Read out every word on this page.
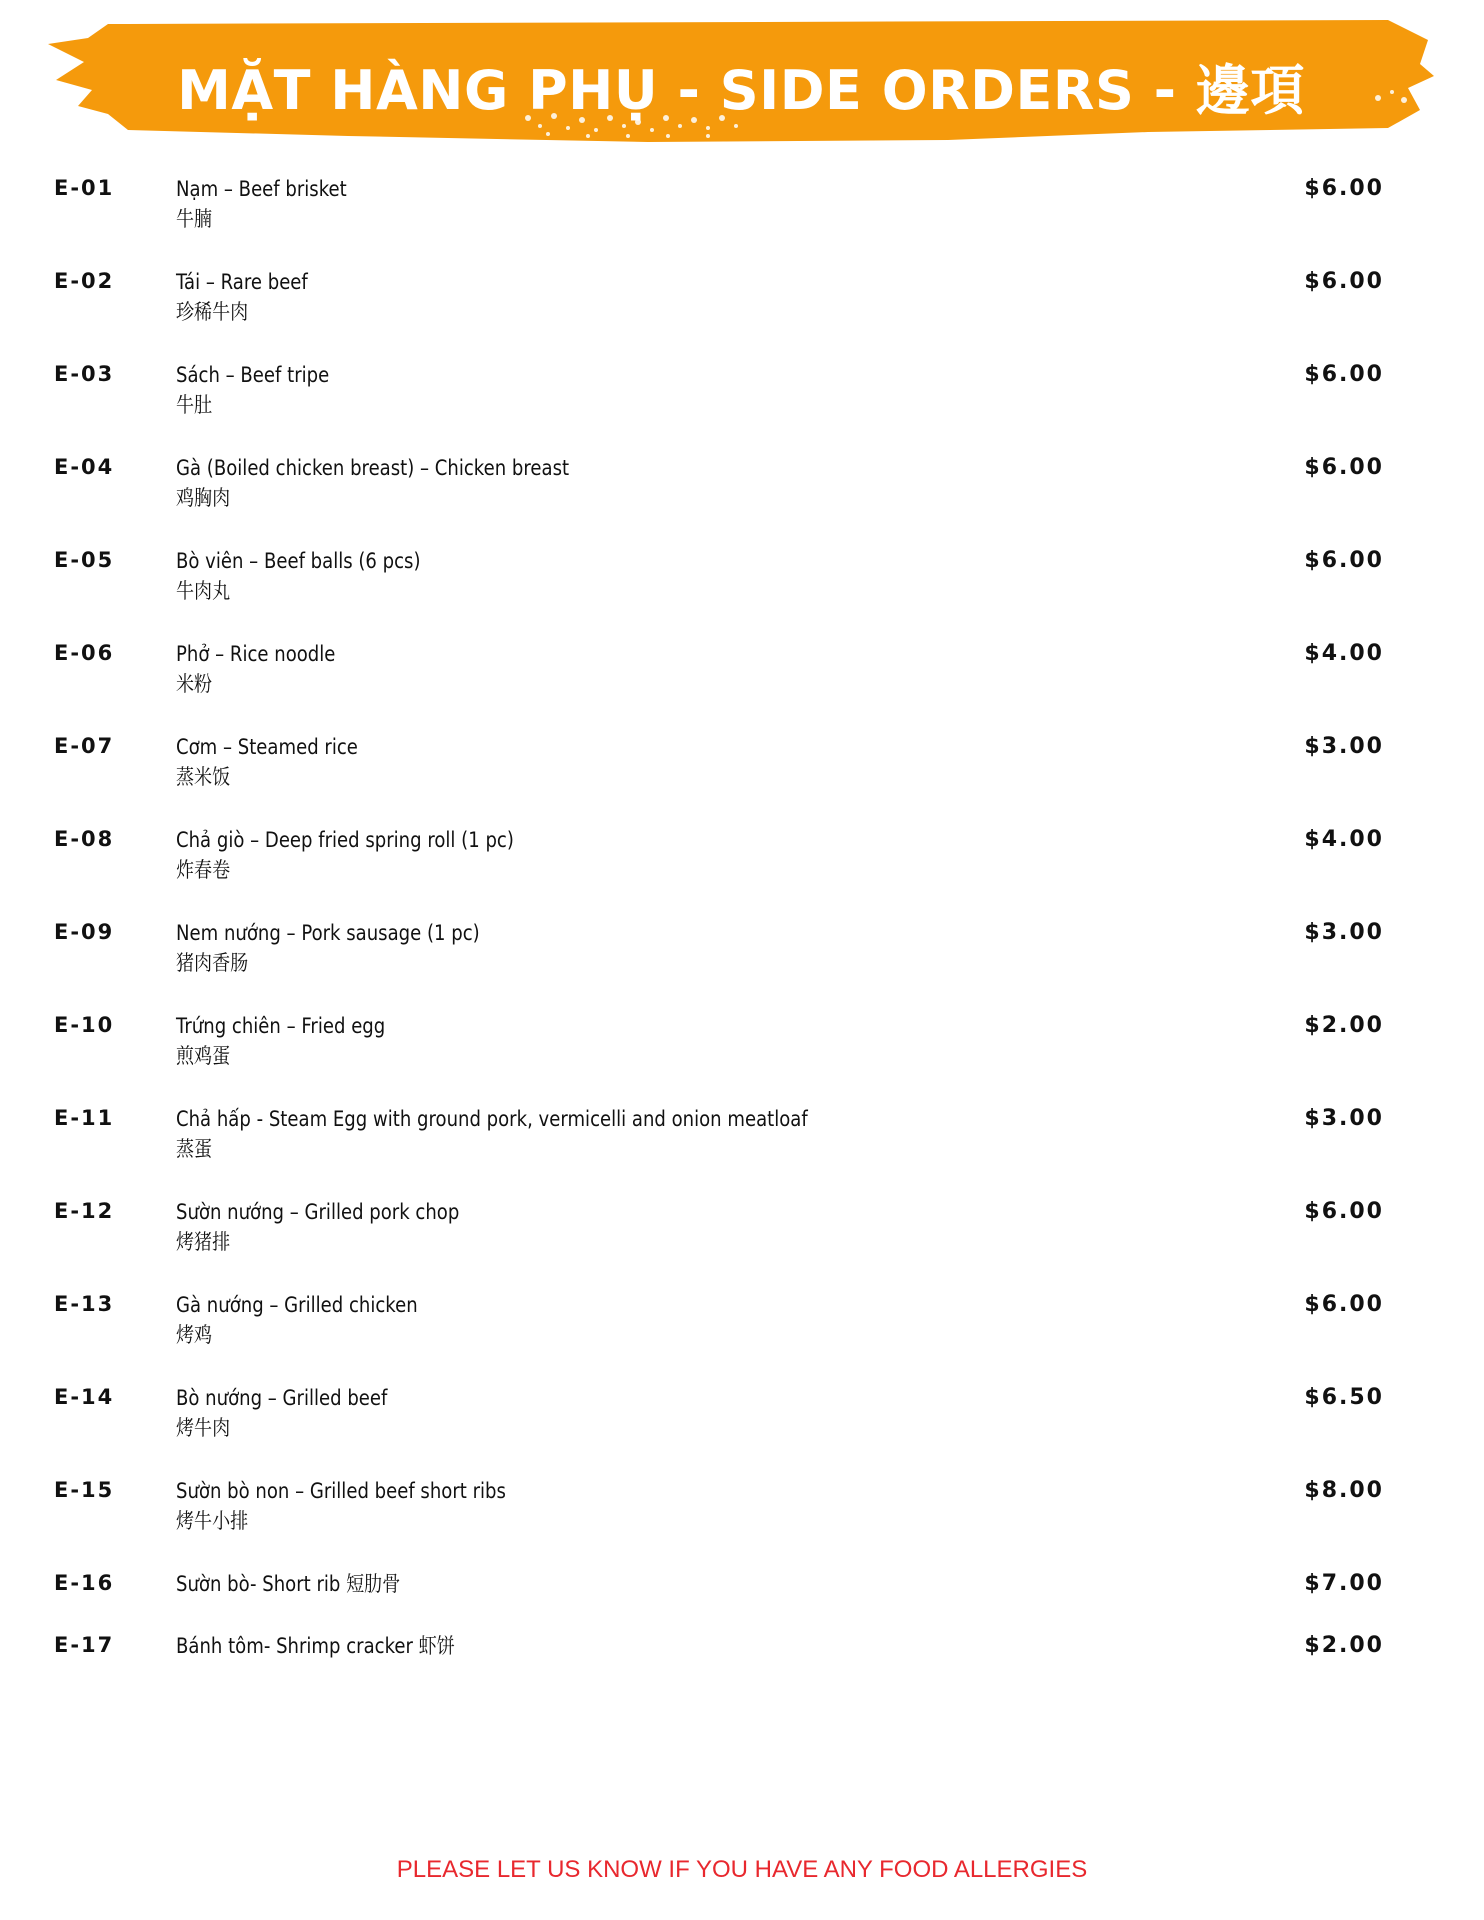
MẶT HÀNG PHỤ - SIDE ORDERS - 邊項
E-01	Nạm – Beef brisket
牛腩
$6.00
E-02	Tái – Rare beef
珍稀牛肉
$6.00
E-03	Sách – Beef tripe
牛肚
$6.00
E-04	Gà (Boiled chicken breast) – Chicken breast
鸡胸肉
$6.00
E-05	Bò viên – Beef balls (6 pcs)
牛肉丸
$6.00
E-06	Phở – Rice noodle
米粉
$4.00
E-07	Cơm – Steamed rice
蒸米饭
$3.00
E-08	Chả giò – Deep fried spring roll (1 pc)
炸春卷
$4.00
E-09	Nem nướng – Pork sausage (1 pc)
猪肉香肠
$3.00
E-10	Trứng chiên – Fried egg
煎鸡蛋
$2.00
E-11	Chả hấp - Steam Egg with ground pork, vermicelli and onion meatloaf
蒸蛋
$3.00
E-12	Sườn nướng – Grilled pork chop
烤猪排
$6.00
E-13	Gà nướng – Grilled chicken
烤鸡
$6.00
E-14	Bò nướng – Grilled beef
烤牛肉
$6.50
E-15	Sườn bò non – Grilled beef short ribs
烤牛小排
$8.00
E-16	Sườn bò- Short rib 短肋骨	$7.00
E-17	Bánh tôm- Shrimp cracker 虾饼	$2.00
PLEASE LET US KNOW IF YOU HAVE ANY FOOD ALLERGIES
